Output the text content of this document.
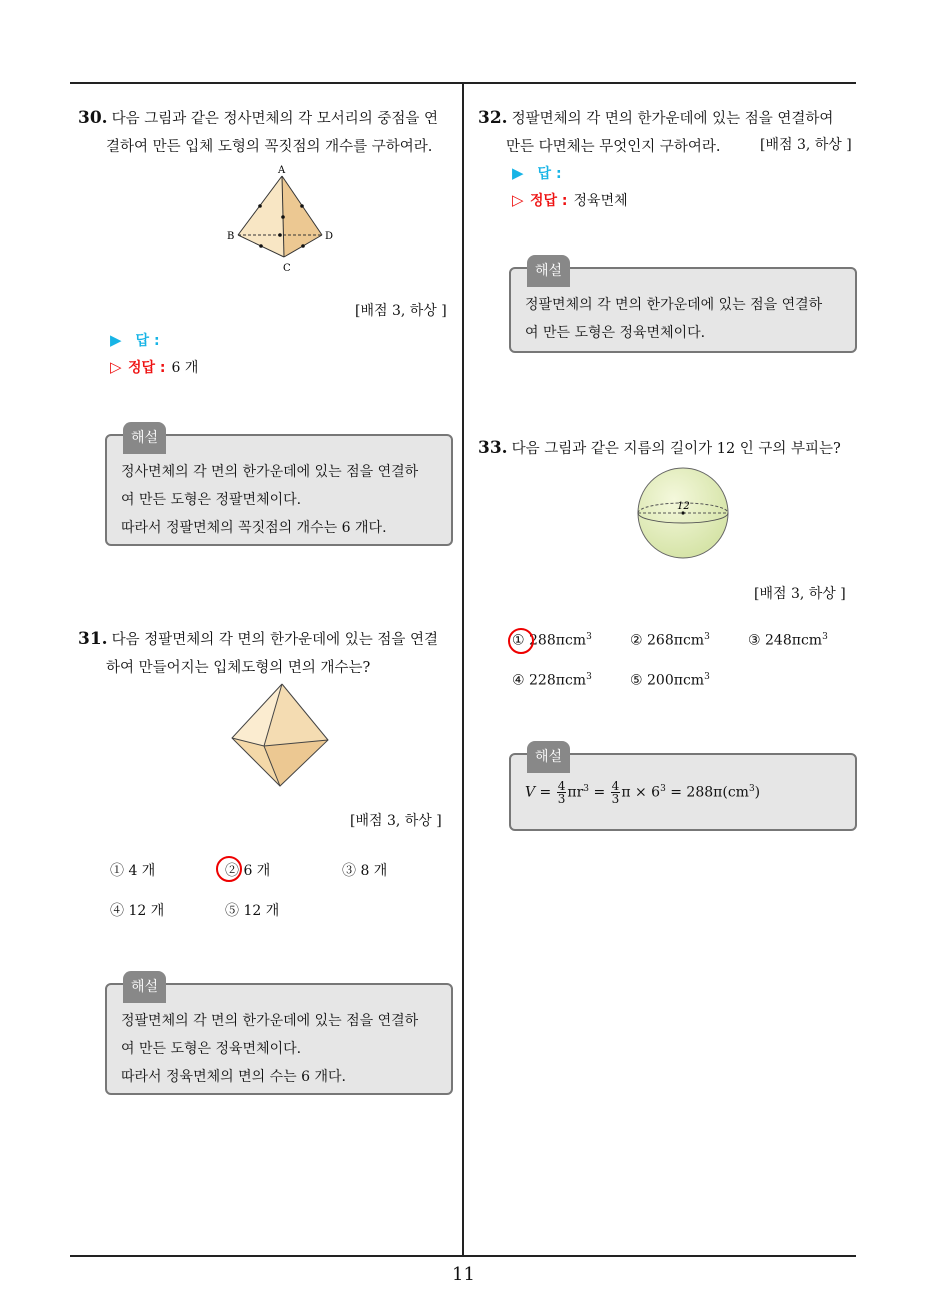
30. 다음 그림과 같은 정사면체의 각 모서리의 중점을 연
결하여 만든 입체 도형의 꼭짓점의 개수를 구하여라.
A
B
C
D
[배점 3, 하상 ]
▶ 답 :
▷ 정답 : 6 개
해설
정사면체의 각 면의 한가운데에 있는 점을 연결하
여 만든 도형은 정팔면체이다.
따라서 정팔면체의 꼭짓점의 개수는 6 개다.
31. 다음 정팔면체의 각 면의 한가운데에 있는 점을 연결
하여 만들어지는 입체도형의 면의 개수는?
[배점 3, 하상 ]
① 4 개	② 6 개	③ 8 개
④ 12 개	⑤ 12 개
해설
정팔면체의 각 면의 한가운데에 있는 점을 연결하
여 만든 도형은 정육면체이다.
따라서 정육면체의 면의 수는 6 개다.
32. 정팔면체의 각 면의 한가운데에 있는 점을 연결하여
만든 다면체는 무엇인지 구하여라.	[배점 3, 하상 ]
▶ 답 :
▷ 정답 : 정육면체
해설
정팔면체의 각 면의 한가운데에 있는 점을 연결하
여 만든 도형은 정육면체이다.
33. 다음 그림과 같은 지름의 길이가 12 인 구의 부피는?
12
[배점 3, 하상 ]
① 288πcm$^3$	② 268πcm$^3$	③ 248πcm$^3$
④ 228πcm$^3$	⑤ 200πcm$^3$
해설
$V = \frac{4}{3} \pi r^3 = \frac{4}{3}$ $\pi \times 6^3 = 288\pi(cm^3)$
11
